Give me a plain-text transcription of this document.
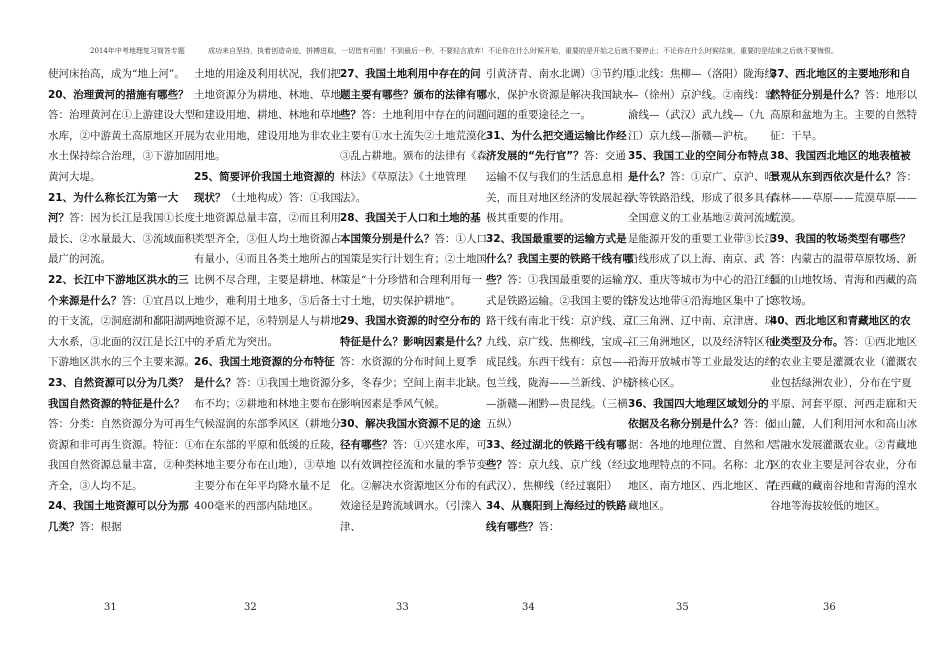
2014年中考地理复习简答专题	成功来自坚持，执着创造奇迹，拼搏进取，一切皆有可能！不到最后一秒，不要轻言放弃！不论你在什么时候开始，重要的是开始之后就不要停止；不论你在什么时候结束，重要的是结束之后就不要悔恨。

使河床抬高，成为“地上河”。

20、治理黄河的措施有哪些？答：治理黄河在①上游建设大型水库，②中游黄土高原地区开展水土保持综合治理，③下游加固黄河大堤。

21、为什么称长江为第一大河？答：因为长江是我国①长度最长、②水量最大、③流域面积最广的河流。

22、长江中下游地区洪水的三个来源是什么？答：①宜昌以上的干支流，②洞庭湖和鄱阳湖两大水系，③北面的汉江是长江中下游地区洪水的三个主要来源。

23、自然资源可以分为几类？我国自然资源的特征是什么？答：分类：自然资源分为可再生资源和非可再生资源。特征：①我国自然资源总量丰富，②种类齐全，③人均不足。

24、我国土地资源可以分为那几类？答：根据

31

土地的用途及利用状况，我们把土地资源分为耕地、林地、草地和建设用地、耕地、林地和草地为农业用地，建设用地为非农业用地。

25、简要评价我国土地资源的现状？（土地构成）答：①我国土地资源总量丰富，②而且利用类型齐全，③但人均土地资源占有量小，④而且各类土地所占的比例不尽合理，主要是耕地、林地少，难利用土地多，⑤后备土地资源不足，⑥特别是人与耕地的矛盾尤为突出。

26、我国土地资源的分布特征是什么？答：①我国土地资源分布不均；②耕地和林地主要布在气候湿润的东部季风区（耕地分布在东部的平原和低缓的丘陵，林地主要分布在山地），③草地主要分布在年平均降水量不足400毫米的西部内陆地区。

32

27、我国土地利用中存在的问题主要有哪些？颁布的法律有哪些？答：土地利用中存在的问题主要有①水土流失②土地荒漠化③乱占耕地。颁布的法律有《森林法》《草原法》《土地管理法》。

28、我国关于人口和土地的基本国策分别是什么？答：①人口国策是实行计划生育；②土地国策是“十分珍惜和合理利用每一寸土地，切实保护耕地”。

29、我国水资源的时空分布的特征是什么？影响因素是什么？答：水资源的分布时间上夏季多，冬春少；空间上南丰北缺。影响因素是季风气候。

30、解决我国水资源不足的途径有哪些？答：①兴建水库，可以有效调控径流和水量的季节变化。②解决水资源地区分布的有效途径是跨流域调水。（引滦入津、

33

引黄济青、南水北调）③节约用水，保护水资源是解决我国缺水问题的重要途径之一。

31、为什么把交通运输比作经济发展的“先行官”？答：交通运输不仅与我们的生活息息相关，而且对地区经济的发展起着极其重要的作用。

32、我国最重要的运输方式是什么？我国主要的铁路干线有哪些？答：①我国最重要的运输方式是铁路运输。②我国主要的铁路干线有南北干线：京沪线、京九线、京广线、焦柳线，宝成—成昆线。东西干线有：京包——包兰线，陇海——兰新线、沪杭—浙赣—湘黔—贵昆线。（三横五纵）

33、经过湖北的铁路干线有哪些？答：京九线、京广线（经过武汉）、焦柳线（经过襄阳）

34、从襄阳到上海经过的铁路线有哪些？答：

34

①北线：焦柳—（洛阳）陇海线—（徐州）京沪线。②南线：襄渝线—（武汉）武九线—（九江）京九线—浙赣—沪杭。

35、我国工业的空间分布特点是什么？答：①京广、京沪、哈大等铁路沿线，形成了很多具有全国意义的工业基地②黄河流域是能源开发的重要工业带③长江沿线形成了以上海、南京、武汉、重庆等城市为中心的沿江经济发达地带④沿海地区集中了长江三角洲、辽中南、京津唐、珠江三角洲地区，以及经济特区和沿海开放城市等工业最发达的经济核心区。

36、我国四大地理区域划分的依据及名称分别是什么？答：依据：各地的地理位置、自然和人文地理特点的不同。名称：北方地区、南方地区、西北地区、青藏地区。

35

37、西北地区的主要地形和自然特征分别是什么？答：地形以高原和盆地为主。主要的自然特征：干旱。

38、我国西北地区的地表植被景观从东到西依次是什么？答：森林——草原——荒漠草原——荒漠。

39、我国的牧场类型有哪些？答：内蒙古的温带草原牧场、新疆的山地牧场、青海和西藏的高寒牧场。

40、西北地区和青藏地区的农业类型及分布。答：①西北地区的农业主要是灌溉农业（灌溉农业包括绿洲农业），分布在宁夏平原、河套平原、河西走廊和天山山麓，人们利用河水和高山冰雪融水发展灌溉农业。②青藏地区的农业主要是河谷农业，分布在西藏的藏南谷地和青海的湟水谷地等海拔较低的地区。

36
